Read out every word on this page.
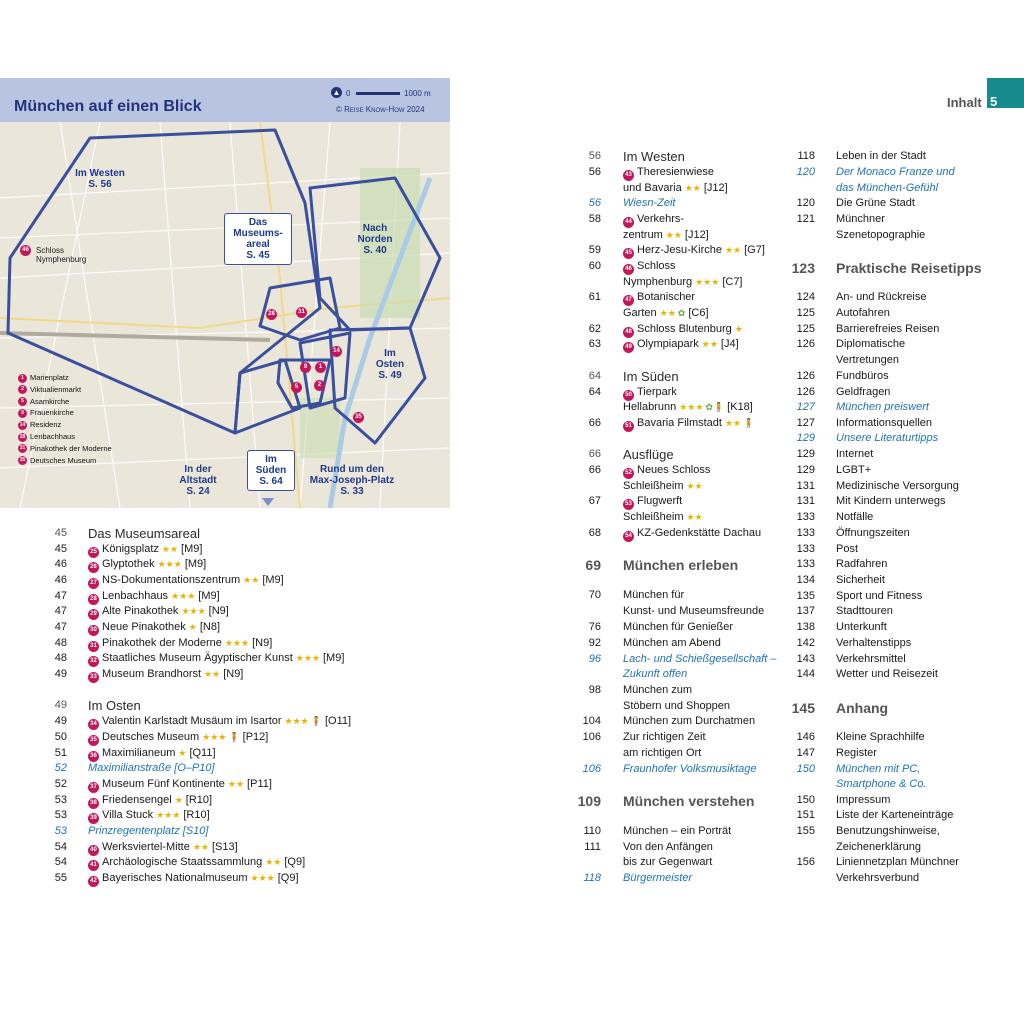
München auf einen Blick
▲ 0	1000 m
© Reise Know-How 2024
Im Westen
S. 56
Das
Museums-
areal
S. 45
Nach
Norden
S. 40
Im
Osten
S. 49
In der
Altstadt
S. 24
Im
Süden
S. 64
Rund um den
Max-Joseph-Platz
S. 33
46 Schloss
Nymphenburg
28	31
14
9	1
5	2
35
1 Marienplatz
2 Viktualienmarkt
5 Asamkirche
9 Frauenkirche
14 Residenz
28 Lenbachhaus
31 Pinakothek der Moderne
35 Deutsches Museum
Inhalt 5
45 Das Museumsareal
45	25 Königsplatz ★★ [M9]
46	26 Glyptothek ★★★ [M9]
46	27 NS-Dokumentationszentrum ★★ [M9]
47	28 Lenbachhaus ★★★ [M9]
47	29 Alte Pinakothek ★★★ [N9]
47	30 Neue Pinakothek ★ [N8]
48	31 Pinakothek der Moderne ★★★ [N9]
48	32 Staatliches Museum Ägyptischer Kunst ★★★ [M9]
49	33 Museum Brandhorst ★★ [N9]
49 Im Osten
49	34 Valentin Karlstadt Musäum im Isartor ★★★ 🧍 [O11]
50	35 Deutsches Museum ★★★ 🧍 [P12]
51	36 Maximilianeum ★ [Q11]
52 Maximilianstraße [O–P10]
52	37 Museum Fünf Kontinente ★★ [P11]
53	38 Friedensengel ★ [R10]
53	39 Villa Stuck ★★★ [R10]
53 Prinzregentenplatz [S10]
54	40 Werksviertel-Mitte ★★ [S13]
54	41 Archäologische Staatssammlung ★★ [Q9]
55	42 Bayerisches Nationalmuseum ★★★ [Q9]
56 Im Westen
56	43 Theresienwiese
und Bavaria ★★ [J12]
56 Wiesn-Zeit
58	44 Verkehrs-
zentrum ★★ [J12]
59	45 Herz-Jesu-Kirche ★★ [G7]
60	46 Schloss
Nymphenburg ★★★ [C7]
61	47 Botanischer
Garten ★★ ✿ [C6]
62	48 Schloss Blutenburg ★
63	49 Olympiapark ★★ [J4]
64 Im Süden
64	50 Tierpark
Hellabrunn ★★★ ✿🧍 [K18]
66	51 Bavaria Filmstadt ★★ 🧍
66 Ausflüge
66	52 Neues Schloss
Schleißheim ★★
67	53 Flugwerft
Schleißheim ★★
68	54 KZ-Gedenkstätte Dachau
69 München erleben
70 München für
Kunst- und Museumsfreunde
76 München für Genießer
92 München am Abend
96 Lach- und Schießgesellschaft –
Zukunft offen
98 München zum
Stöbern und Shoppen
104 München zum Durchatmen
106 Zur richtigen Zeit
am richtigen Ort
106 Fraunhofer Volksmusiktage
109 München verstehen
110 München – ein Porträt
111 Von den Anfängen
bis zur Gegenwart
118 Bürgermeister
118 Leben in der Stadt
120 Der Monaco Franze und
das München-Gefühl
120 Die Grüne Stadt
121 Münchner
Szenetopographie
123 Praktische Reisetipps
124 An- und Rückreise
125 Autofahren
125 Barrierefreies Reisen
126 Diplomatische
Vertretungen
126 Fundbüros
126 Geldfragen
127 München preiswert
127 Informationsquellen
129 Unsere Literaturtipps
129 Internet
129 LGBT+
131 Medizinische Versorgung
131 Mit Kindern unterwegs
133 Notfälle
133 Öffnungszeiten
133 Post
133 Radfahren
134 Sicherheit
135 Sport und Fitness
137 Stadttouren
138 Unterkunft
142 Verhaltenstipps
143 Verkehrsmittel
144 Wetter und Reisezeit
145 Anhang
146 Kleine Sprachhilfe
147 Register
150 München mit PC,
Smartphone & Co.
150 Impressum
151 Liste der Karteneinträge
155 Benutzungshinweise,
Zeichenerklärung
156 Liniennetzplan Münchner
Verkehrsverbund
